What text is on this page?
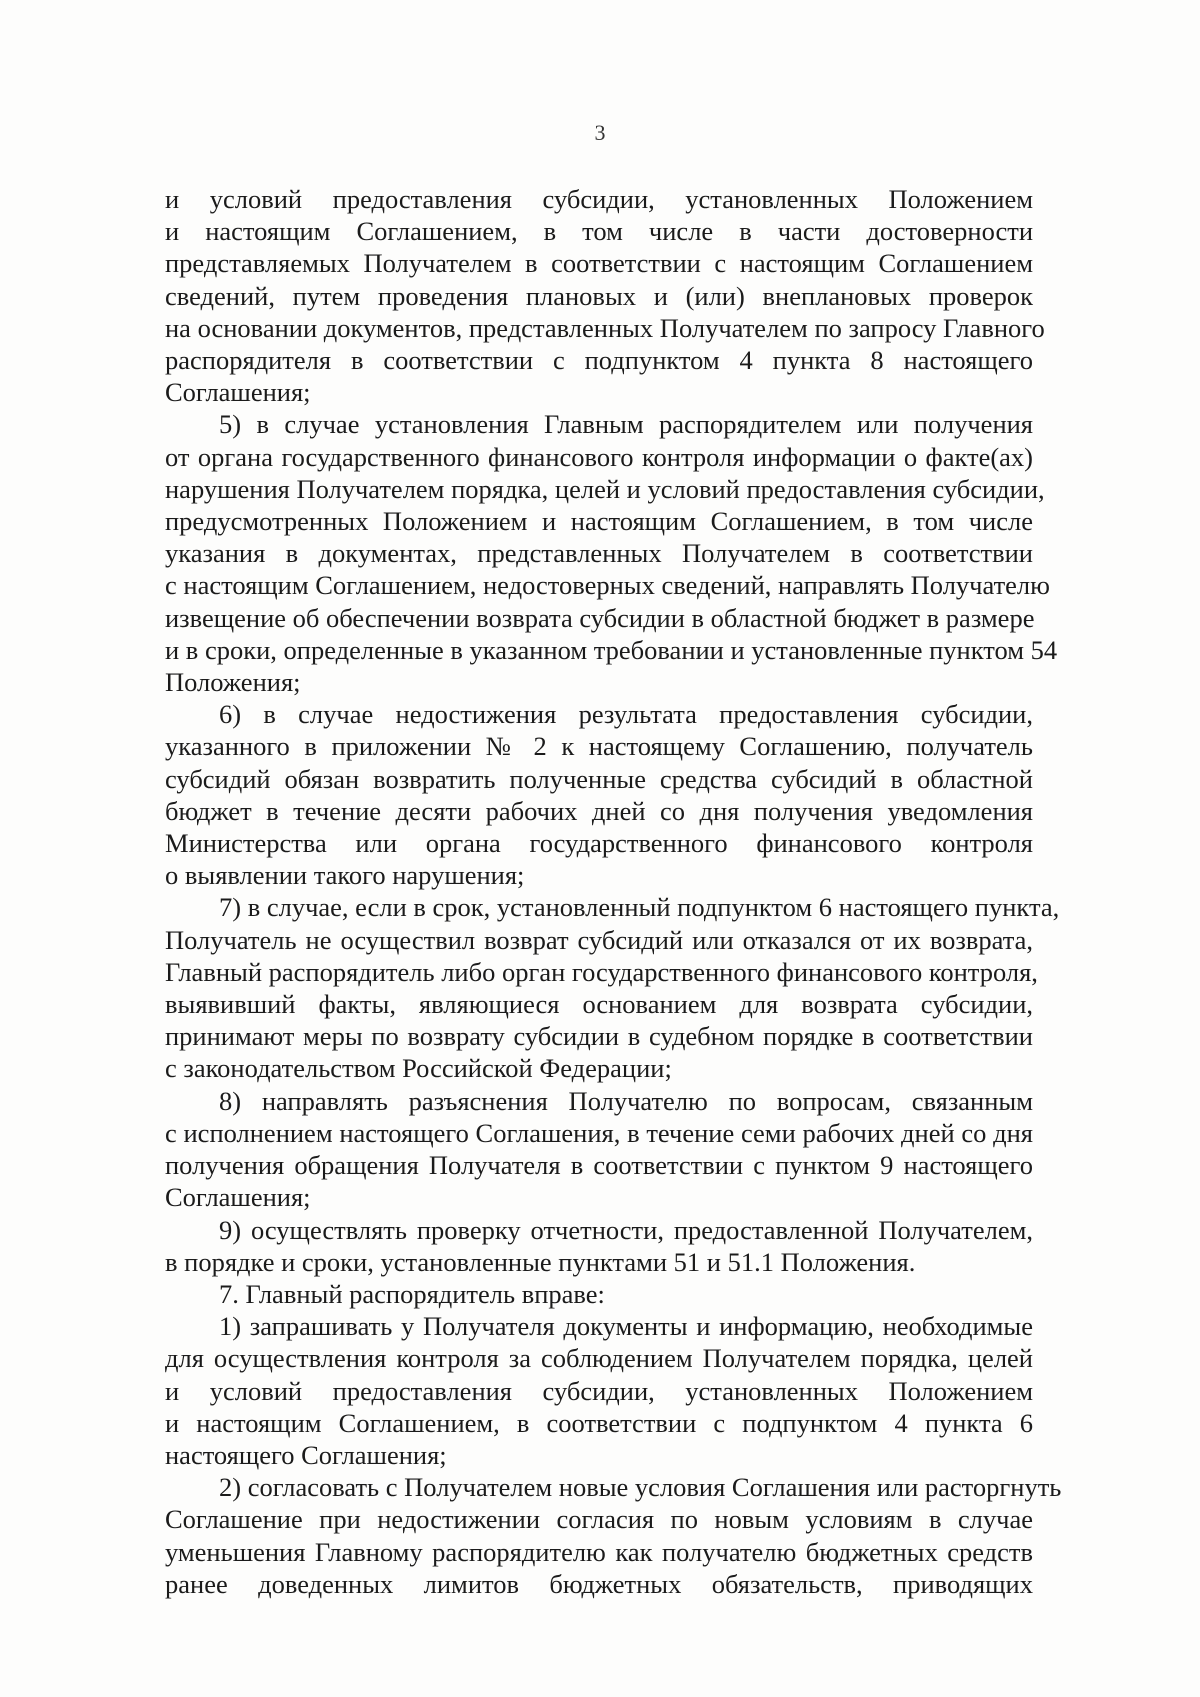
3
и условий предоставления субсидии, установленных Положением
и настоящим Соглашением, в том числе в части достоверности
представляемых Получателем в соответствии с настоящим Соглашением
сведений, путем проведения плановых и (или) внеплановых проверок
на основании документов, представленных Получателем по запросу Главного
распорядителя в соответствии с подпунктом 4 пункта 8 настоящего
Соглашения;
5) в случае установления Главным распорядителем или получения
от органа государственного финансового контроля информации о факте(ах)
нарушения Получателем порядка, целей и условий предоставления субсидии,
предусмотренных Положением и настоящим Соглашением, в том числе
указания в документах, представленных Получателем в соответствии
с настоящим Соглашением, недостоверных сведений, направлять Получателю
извещение об обеспечении возврата субсидии в областной бюджет в размере
и в сроки, определенные в указанном требовании и установленные пунктом 54
Положения;
6) в случае недостижения результата предоставления субсидии,
указанного в приложении № 2 к настоящему Соглашению, получатель
субсидий обязан возвратить полученные средства субсидий в областной
бюджет в течение десяти рабочих дней со дня получения уведомления
Министерства или органа государственного финансового контроля
о выявлении такого нарушения;
7) в случае, если в срок, установленный подпунктом 6 настоящего пункта,
Получатель не осуществил возврат субсидий или отказался от их возврата,
Главный распорядитель либо орган государственного финансового контроля,
выявивший факты, являющиеся основанием для возврата субсидии,
принимают меры по возврату субсидии в судебном порядке в соответствии
с законодательством Российской Федерации;
8) направлять разъяснения Получателю по вопросам, связанным
с исполнением настоящего Соглашения, в течение семи рабочих дней со дня
получения обращения Получателя в соответствии с пунктом 9 настоящего
Соглашения;
9) осуществлять проверку отчетности, предоставленной Получателем,
в порядке и сроки, установленные пунктами 51 и 51.1 Положения.
7. Главный распорядитель вправе:
1) запрашивать у Получателя документы и информацию, необходимые
для осуществления контроля за соблюдением Получателем порядка, целей
и условий предоставления субсидии, установленных Положением
и настоящим Соглашением, в соответствии с подпунктом 4 пункта 6
настоящего Соглашения;
2) согласовать с Получателем новые условия Соглашения или расторгнуть
Соглашение при недостижении согласия по новым условиям в случае
уменьшения Главному распорядителю как получателю бюджетных средств
ранее доведенных лимитов бюджетных обязательств, приводящих
